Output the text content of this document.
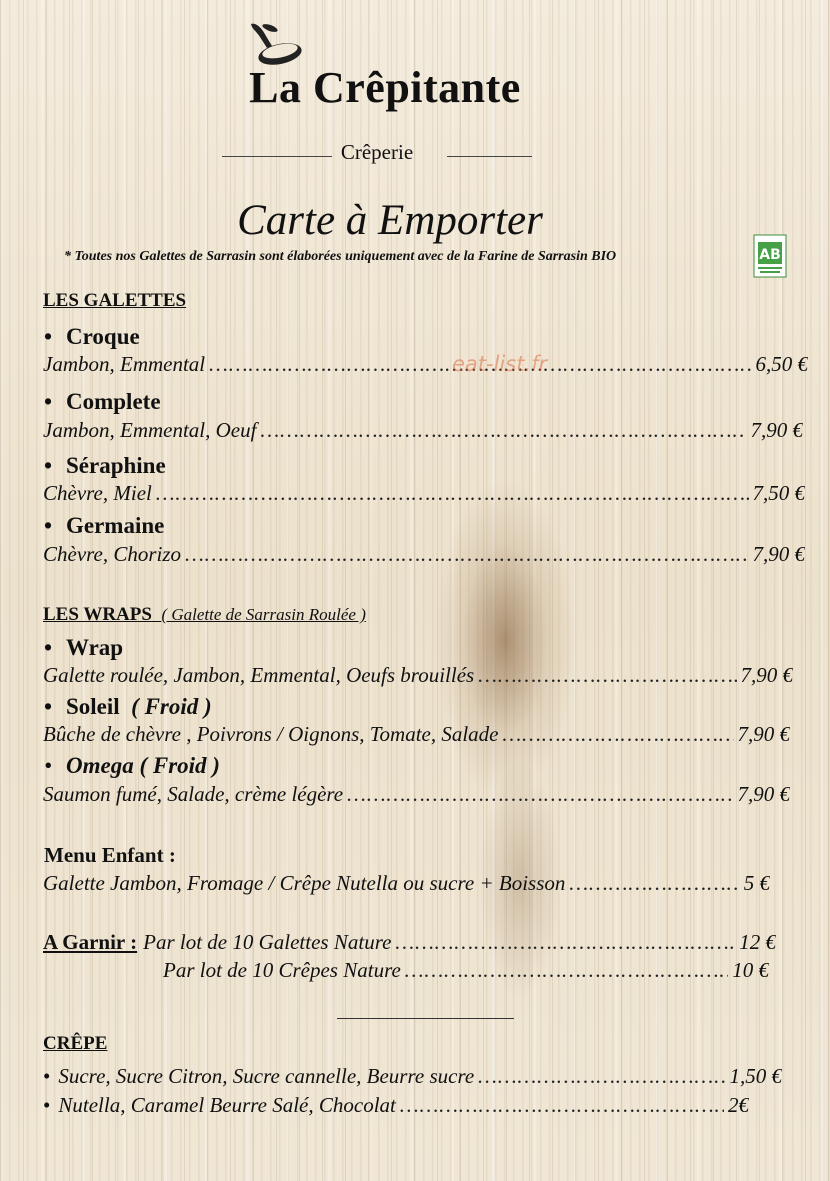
La Crêpitante
Crêperie
Carte à Emporter
* Toutes nos Galettes de Sarrasin sont élaborées uniquement avec de la Farine de Sarrasin BIO	AB
LES GALETTES
• Croque
Jambon, Emmental ……………………………………………………………………………………………………………………………………………	6,50 €
• Complete
Jambon, Emmental, Oeuf ……………………………………………………………………………………………………………………………………………	7,90 €
• Séraphine
Chèvre, Miel ……………………………………………………………………………………………………………………………………………	7,50 €
• Germaine
Chèvre, Chorizo ……………………………………………………………………………………………………………………………………………	7,90 €
LES WRAPS ( Galette de Sarrasin Roulée )
• Wrap
Galette roulée, Jambon, Emmental, Oeufs brouillés ……………………………………………………………………………………………………………………………………………	7,90 €
• Soleil ( Froid )
Bûche de chèvre , Poivrons / Oignons, Tomate, Salade ……………………………………………………………………………………………………………………………………………	7,90 €
• Omega ( Froid )
Saumon fumé, Salade, crème légère ……………………………………………………………………………………………………………………………………………	7,90 €
Menu Enfant :
Galette Jambon, Fromage / Crêpe Nutella ou sucre + Boisson ……………………………………………………………………………………………………………………………………………	5 €
A Garnir : Par lot de 10 Galettes Nature ……………………………………………………………………………………………………………………………………………	12 €
Par lot de 10 Crêpes Nature ……………………………………………………………………………………………………………………………………………	10 €
CRÊPE
• Sucre, Sucre Citron, Sucre cannelle, Beurre sucre ……………………………………………………………………………………………………………………………………………	1,50 €
• Nutella, Caramel Beurre Salé, Chocolat ……………………………………………………………………………………………………………………………………………	2€
eat-list.fr
